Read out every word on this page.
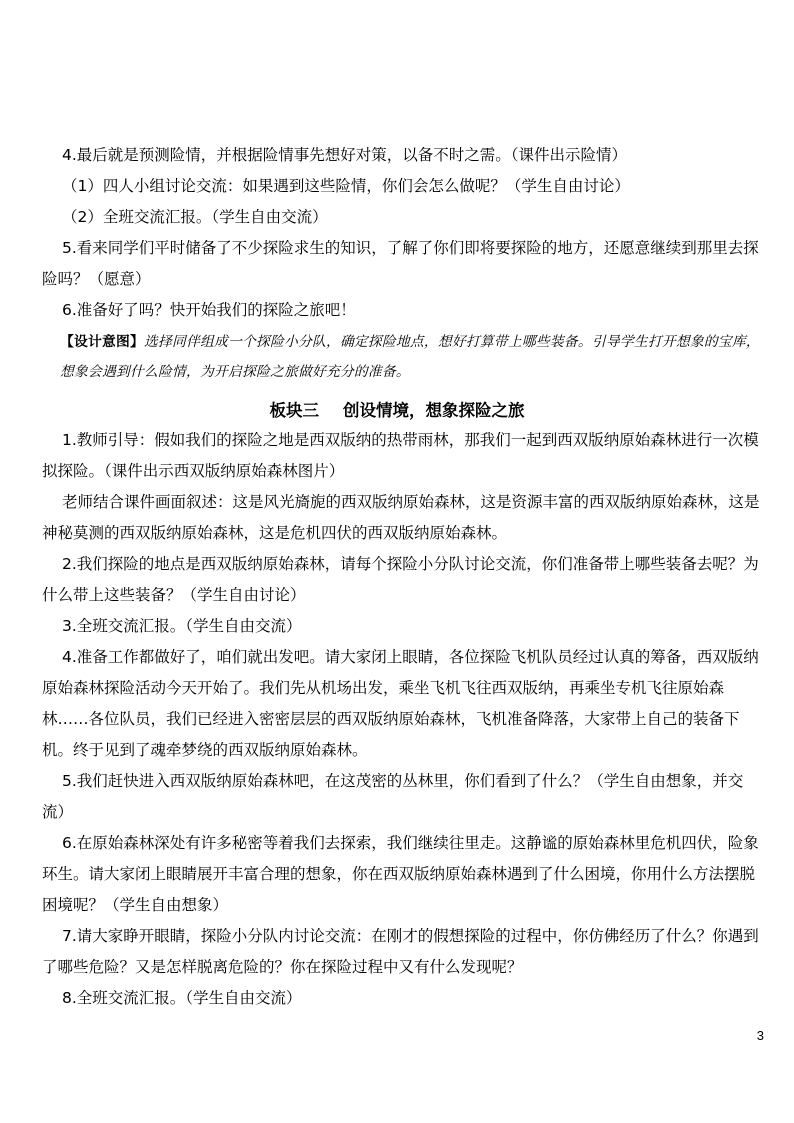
4.最后就是预测险情，并根据险情事先想好对策，以备不时之需。（课件出示险情）

（1）四人小组讨论交流：如果遇到这些险情，你们会怎么做呢？（学生自由讨论）

（2）全班交流汇报。（学生自由交流）

5.看来同学们平时储备了不少探险求生的知识，了解了你们即将要探险的地方，还愿意继续到那里去探险吗？（愿意）

6.准备好了吗？快开始我们的探险之旅吧！

【设计意图】选择同伴组成一个探险小分队，确定探险地点，想好打算带上哪些装备。引导学生打开想象的宝库，想象会遇到什么险情，为开启探险之旅做好充分的准备。

板块三 创设情境，想象探险之旅

1.教师引导：假如我们的探险之地是西双版纳的热带雨林，那我们一起到西双版纳原始森林进行一次模拟探险。（课件出示西双版纳原始森林图片）

老师结合课件画面叙述：这是风光旖旎的西双版纳原始森林，这是资源丰富的西双版纳原始森林，这是神秘莫测的西双版纳原始森林，这是危机四伏的西双版纳原始森林。

2.我们探险的地点是西双版纳原始森林，请每个探险小分队讨论交流，你们准备带上哪些装备去呢？为什么带上这些装备？（学生自由讨论）

3.全班交流汇报。（学生自由交流）

4.准备工作都做好了，咱们就出发吧。请大家闭上眼睛，各位探险飞机队员经过认真的筹备，西双版纳原始森林探险活动今天开始了。我们先从机场出发，乘坐飞机飞往西双版纳，再乘坐专机飞往原始森林……各位队员，我们已经进入密密层层的西双版纳原始森林，飞机准备降落，大家带上自己的装备下机。终于见到了魂牵梦绕的西双版纳原始森林。

5.我们赶快进入西双版纳原始森林吧，在这茂密的丛林里，你们看到了什么？（学生自由想象，并交流）

6.在原始森林深处有许多秘密等着我们去探索，我们继续往里走。这静谧的原始森林里危机四伏，险象环生。请大家闭上眼睛展开丰富合理的想象，你在西双版纳原始森林遇到了什么困境，你用什么方法摆脱困境呢？（学生自由想象）

7.请大家睁开眼睛，探险小分队内讨论交流：在刚才的假想探险的过程中，你仿佛经历了什么？你遇到了哪些危险？又是怎样脱离危险的？你在探险过程中又有什么发现呢？

8.全班交流汇报。（学生自由交流）

3
